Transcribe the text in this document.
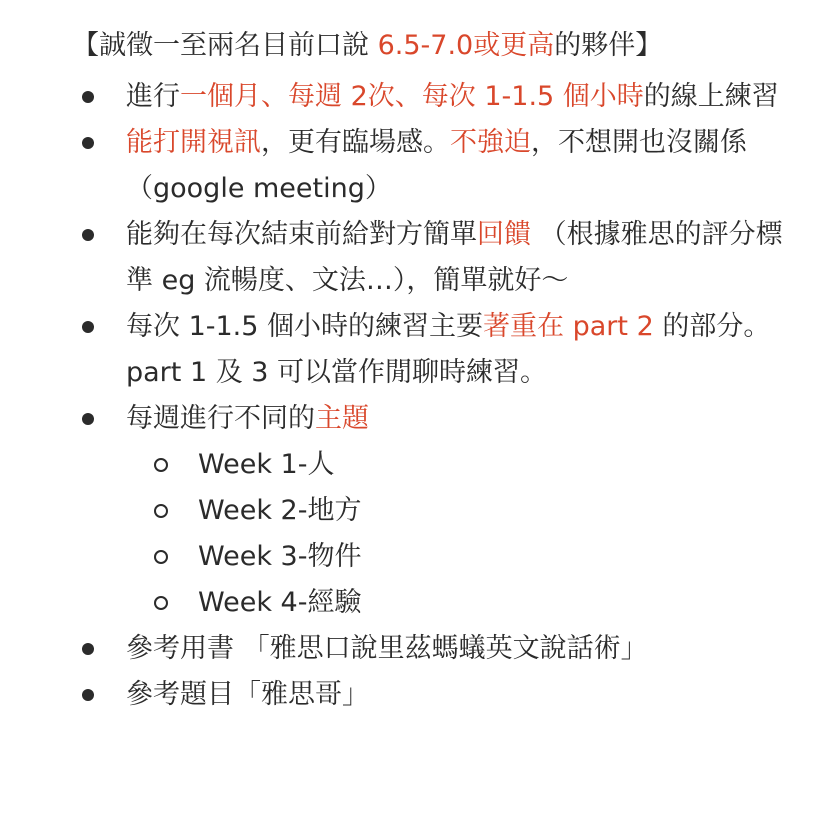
【誠徵一至兩名目前口說 6.5-7.0或更高的夥伴】
進行一個月、每週 2次、每次 1-1.5 個小時的線上練習
能打開視訊，更有臨場感。不強迫，不想開也沒關係 （google meeting）
能夠在每次結束前給對方簡單回饋 （根據雅思的評分標準 eg 流暢度、文法…），簡單就好～
每次 1-1.5 個小時的練習主要著重在 part 2 的部分。part 1 及 3 可以當作閒聊時練習。
每週進行不同的主題
Week 1-人
Week 2-地方
Week 3-物件
Week 4-經驗
參考用書 「雅思口說里茲螞蟻英文說話術」
參考題目「雅思哥」
